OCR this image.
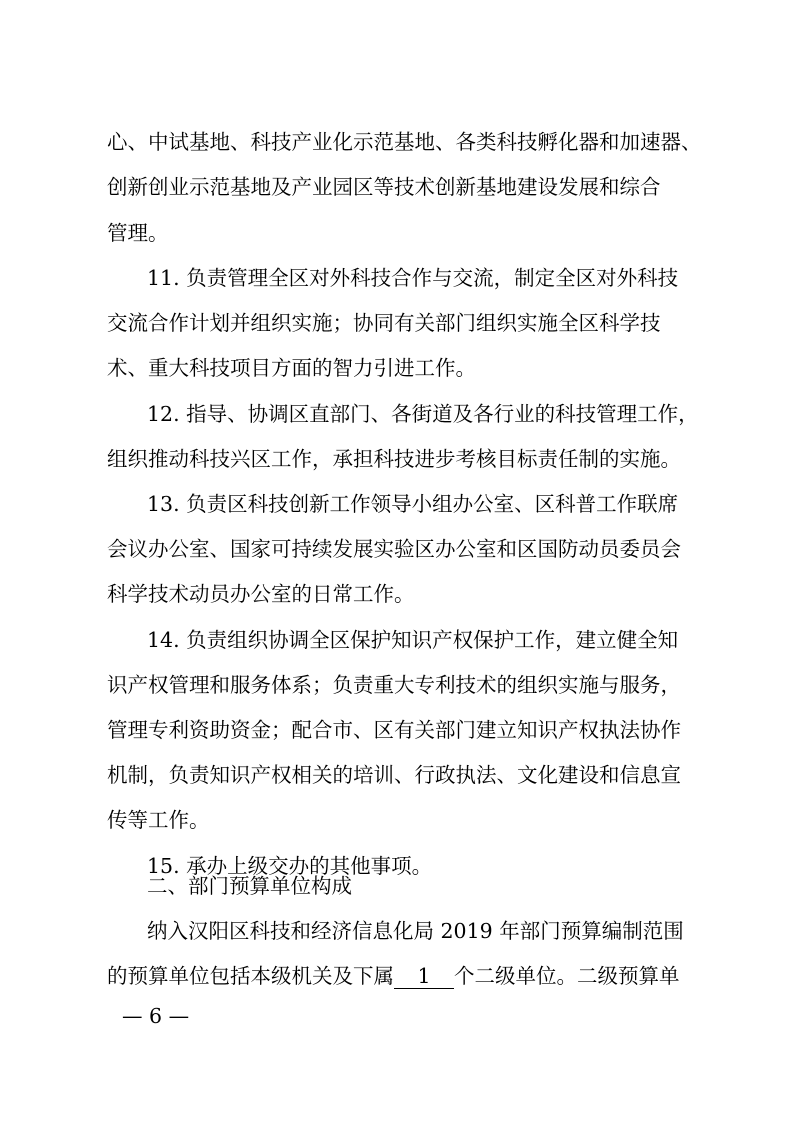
心、中试基地、科技产业化示范基地、各类科技孵化器和加速器、

创新创业示范基地及产业园区等技术创新基地建设发展和综合

管理。

11. 负责管理全区对外科技合作与交流，制定全区对外科技

交流合作计划并组织实施；协同有关部门组织实施全区科学技

术、重大科技项目方面的智力引进工作。

12. 指导、协调区直部门、各街道及各行业的科技管理工作，

组织推动科技兴区工作，承担科技进步考核目标责任制的实施。

13. 负责区科技创新工作领导小组办公室、区科普工作联席

会议办公室、国家可持续发展实验区办公室和区国防动员委员会

科学技术动员办公室的日常工作。

14. 负责组织协调全区保护知识产权保护工作，建立健全知

识产权管理和服务体系；负责重大专利技术的组织实施与服务，

管理专利资助资金；配合市、区有关部门建立知识产权执法协作

机制，负责知识产权相关的培训、行政执法、文化建设和信息宣

传等工作。

15. 承办上级交办的其他事项。

二、部门预算单位构成

纳入汉阳区科技和经济信息化局 2019 年部门预算编制范围

— 6 —

的预算单位包括本级机关及下属 1 个二级单位。二级预算单
